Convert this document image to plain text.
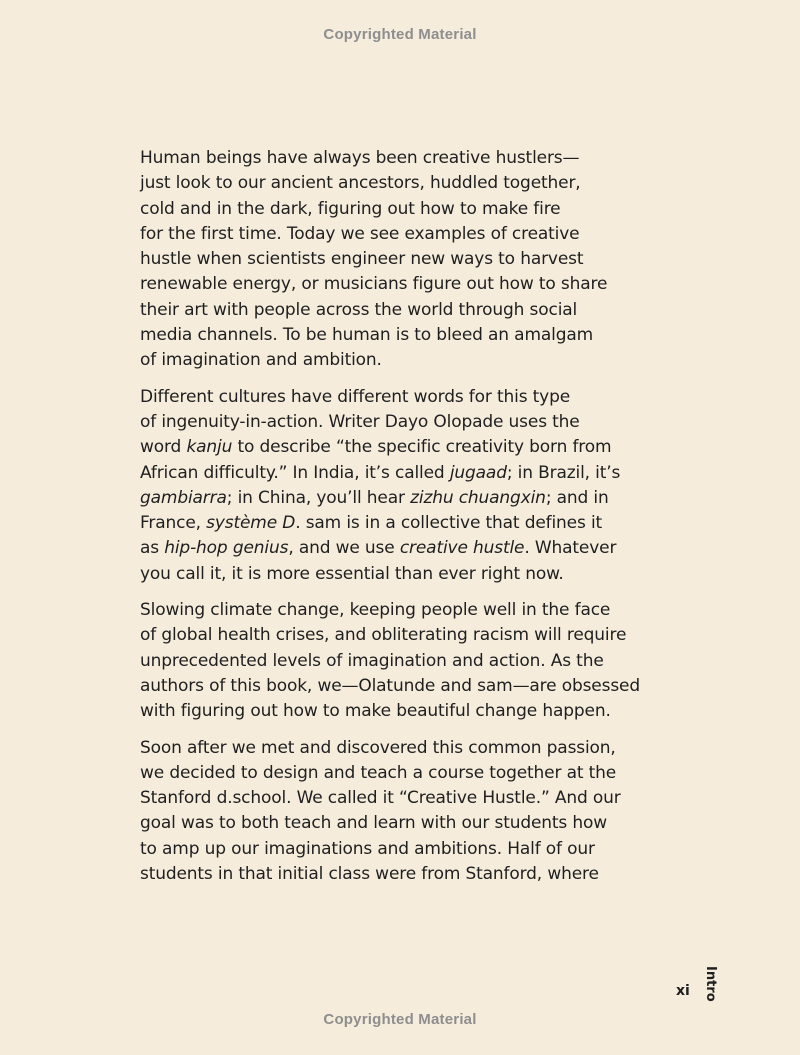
Copyrighted Material

Human beings have always been creative hustlers—
just look to our ancient ancestors, huddled together,
cold and in the dark, figuring out how to make fire
for the first time. Today we see examples of creative
hustle when scientists engineer new ways to harvest
renewable energy, or musicians figure out how to share
their art with people across the world through social
media channels. To be human is to bleed an amalgam
of imagination and ambition.

Different cultures have different words for this type
of ingenuity-in-action. Writer Dayo Olopade uses the
word kanju to describe “the specific creativity born from
African difficulty.” In India, it’s called jugaad; in Brazil, it’s
gambiarra; in China, you’ll hear zizhu chuangxin; and in
France, système D. sam is in a collective that defines it
as hip-hop genius, and we use creative hustle. Whatever
you call it, it is more essential than ever right now.

Slowing climate change, keeping people well in the face
of global health crises, and obliterating racism will require
unprecedented levels of imagination and action. As the
authors of this book, we—Olatunde and sam—are obsessed
with figuring out how to make beautiful change happen.

Soon after we met and discovered this common passion,
we decided to design and teach a course together at the
Stanford d.school. We called it “Creative Hustle.” And our
goal was to both teach and learn with our students how
to amp up our imaginations and ambitions. Half of our
students in that initial class were from Stanford, where

xi Intro
Copyrighted Material
